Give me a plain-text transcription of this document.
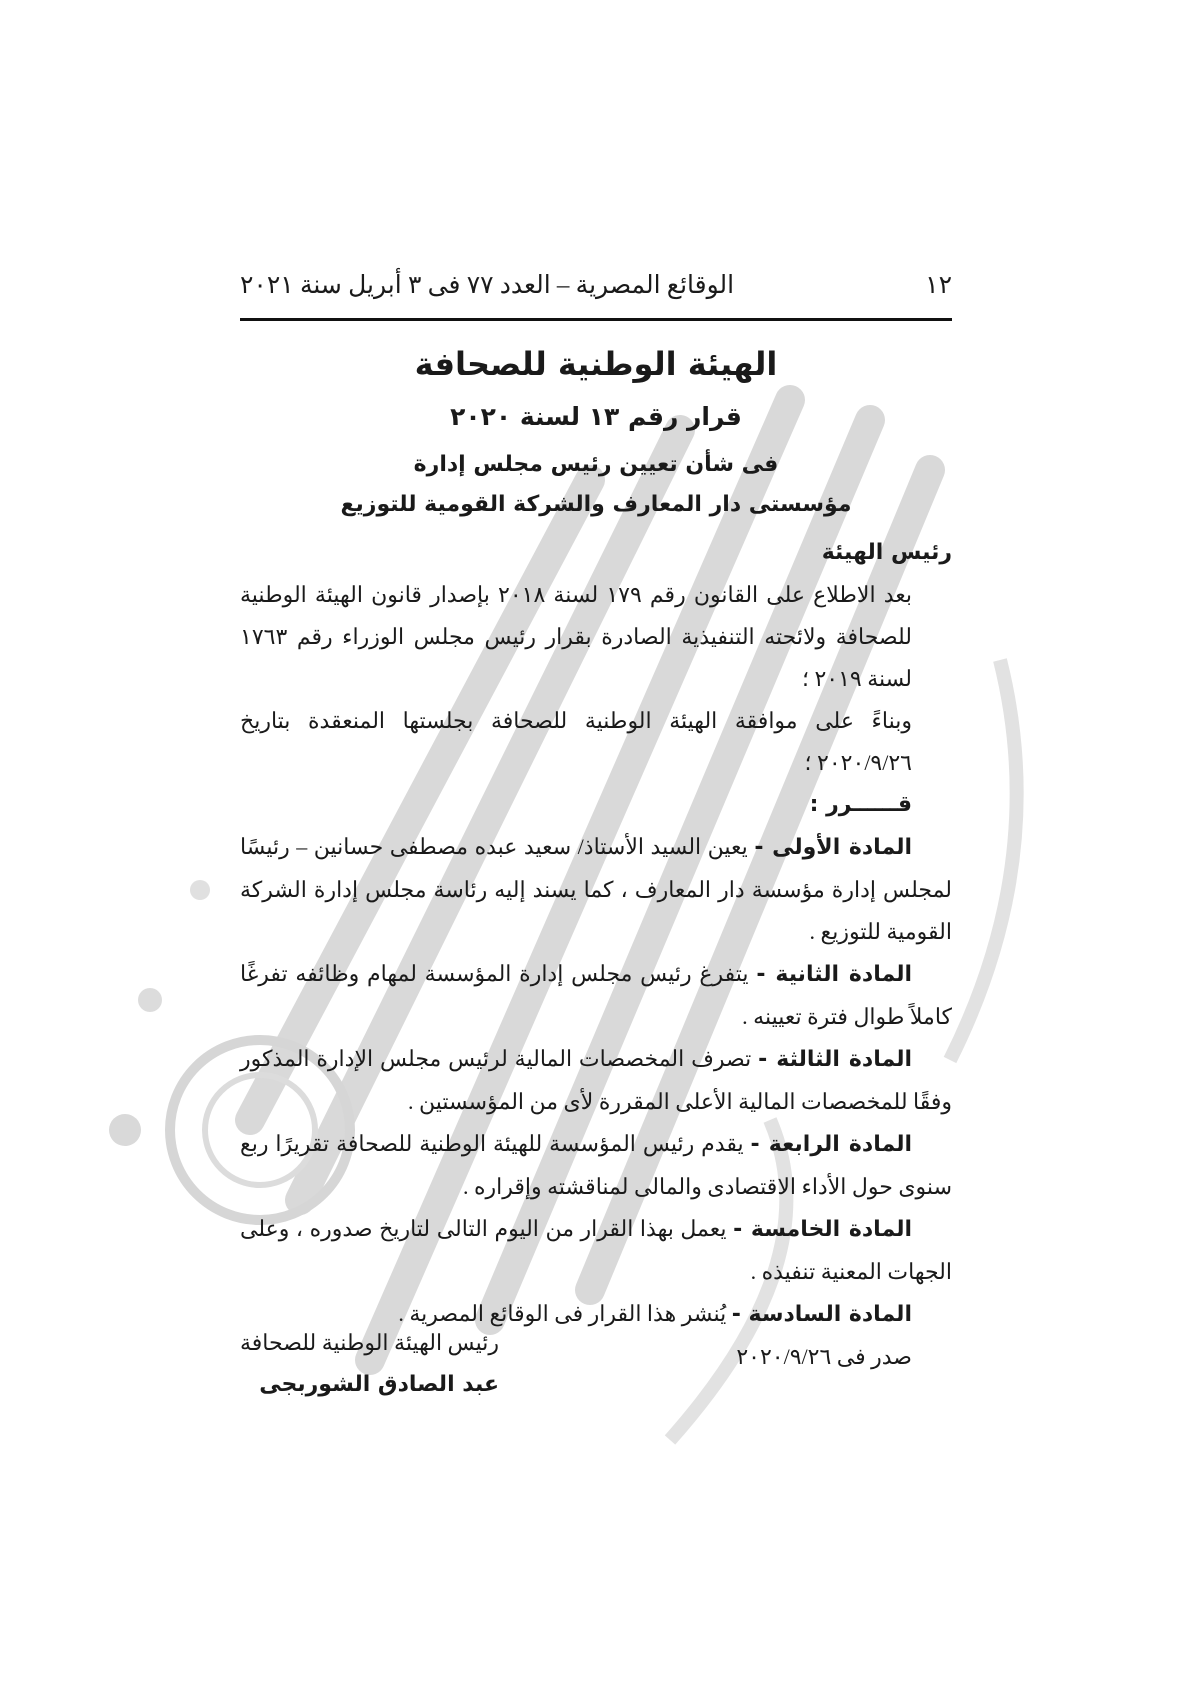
١٢
الوقائع المصرية – العدد ٧٧ فى ٣ أبريل سنة ٢٠٢١
الهيئة الوطنية للصحافة
قرار رقم ١٣ لسنة ٢٠٢٠
فى شأن تعيين رئيس مجلس إدارة
مؤسستى دار المعارف والشركة القومية للتوزيع

رئيس الهيئة

بعد الاطلاع على القانون رقم ١٧٩ لسنة ٢٠١٨ بإصدار قانون الهيئة الوطنية للصحافة ولائحته التنفيذية الصادرة بقرار رئيس مجلس الوزراء رقم ١٧٦٣ لسنة ٢٠١٩ ؛

وبناءً على موافقة الهيئة الوطنية للصحافة بجلستها المنعقدة بتاريخ ٢٠٢٠/٩/٢٦ ؛

قــــــرر :

المادة الأولى - يعين السيد الأستاذ/ سعيد عبده مصطفى حسانين – رئيسًا لمجلس إدارة مؤسسة دار المعارف ، كما يسند إليه رئاسة مجلس إدارة الشركة القومية للتوزيع .

المادة الثانية - يتفرغ رئيس مجلس إدارة المؤسسة لمهام وظائفه تفرغًا كاملاً طوال فترة تعيينه .

المادة الثالثة - تصرف المخصصات المالية لرئيس مجلس الإدارة المذكور وفقًا للمخصصات المالية الأعلى المقررة لأى من المؤسستين .

المادة الرابعة - يقدم رئيس المؤسسة للهيئة الوطنية للصحافة تقريرًا ربع سنوى حول الأداء الاقتصادى والمالى لمناقشته وإقراره .

المادة الخامسة - يعمل بهذا القرار من اليوم التالى لتاريخ صدوره ، وعلى الجهات المعنية تنفيذه .

المادة السادسة - يُنشر هذا القرار فى الوقائع المصرية .

صدر فى ٢٠٢٠/٩/٢٦

رئيس الهيئة الوطنية للصحافة
عبد الصادق الشوربجى
